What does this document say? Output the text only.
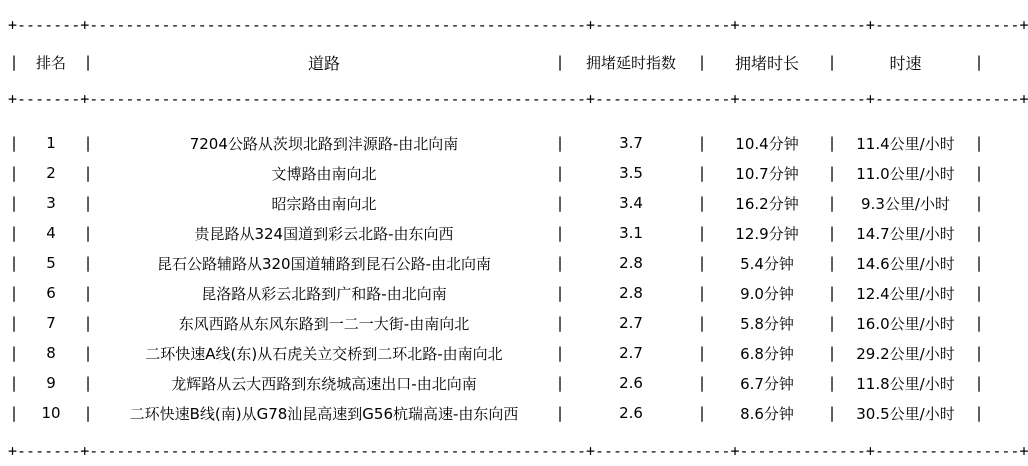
+-------+-------------------------------------------------------+---------------+--------------+----------------+										
|	排名	|	道路	|	拥堵延时指数	|	拥堵时长	|	时速	|
+-------+-------------------------------------------------------+---------------+--------------+----------------+										

|	1	|	7204公路从茨坝北路到沣源路-由北向南	|	3.7	|	10.4分钟	|	11.4公里/小时	|
|	2	|	文博路由南向北	|	3.5	|	10.7分钟	|	11.0公里/小时	|
|	3	|	昭宗路由南向北	|	3.4	|	16.2分钟	|	9.3公里/小时	|
|	4	|	贵昆路从324国道到彩云北路-由东向西	|	3.1	|	12.9分钟	|	14.7公里/小时	|
|	5	|	昆石公路辅路从320国道辅路到昆石公路-由北向南	|	2.8	|	5.4分钟	|	14.6公里/小时	|
|	6	|	昆洛路从彩云北路到广和路-由北向南	|	2.8	|	9.0分钟	|	12.4公里/小时	|
|	7	|	东风西路从东风东路到一二一大街-由南向北	|	2.7	|	5.8分钟	|	16.0公里/小时	|
|	8	|	二环快速A线(东)从石虎关立交桥到二环北路-由南向北	|	2.7	|	6.8分钟	|	29.2公里/小时	|
|	9	|	龙辉路从云大西路到东绕城高速出口-由北向南	|	2.6	|	6.7分钟	|	11.8公里/小时	|
|	10	|	二环快速B线(南)从G78汕昆高速到G56杭瑞高速-由东向西	|	2.6	|	8.6分钟	|	30.5公里/小时	|

+-------+-------------------------------------------------------+---------------+--------------+----------------+										
